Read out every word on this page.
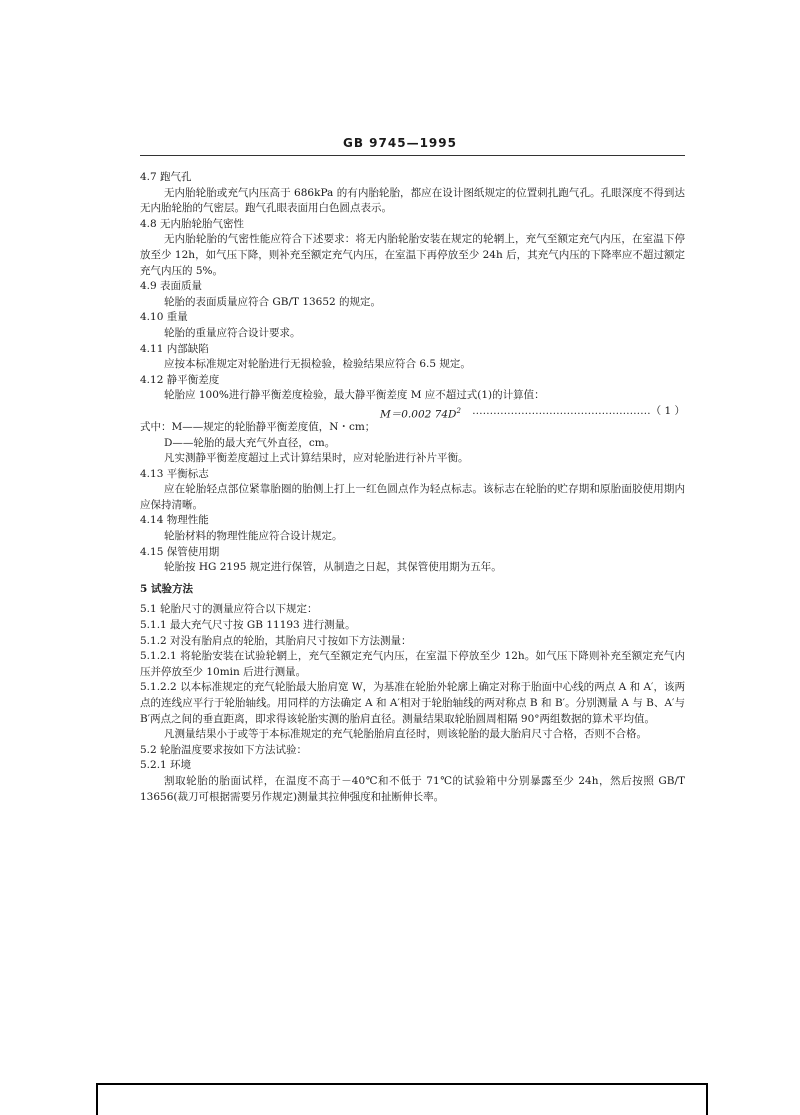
GB 9745—1995

4.7 跑气孔

无内胎轮胎或充气内压高于 686kPa 的有内胎轮胎，都应在设计图纸规定的位置刺扎跑气孔。孔眼深度不得到达无内胎轮胎的气密层。跑气孔眼表面用白色圆点表示。

4.8 无内胎轮胎气密性

无内胎轮胎的气密性能应符合下述要求：将无内胎轮胎安装在规定的轮辋上，充气至额定充气内压，在室温下停放至少 12h，如气压下降，则补充至额定充气内压，在室温下再停放至少 24h 后，其充气内压的下降率应不超过额定充气内压的 5%。

4.9 表面质量

轮胎的表面质量应符合 GB/T 13652 的规定。

4.10 重量

轮胎的重量应符合设计要求。

4.11 内部缺陷

应按本标准规定对轮胎进行无损检验，检验结果应符合 6.5 规定。

4.12 静平衡差度

轮胎应 100%进行静平衡差度检验，最大静平衡差度 M 应不超过式(1)的计算值：

M＝0.002 $74D^2$ ……………………………………………（ 1 ）

式中：M——规定的轮胎静平衡差度值，N・cm；

D——轮胎的最大充气外直径，cm。

凡实测静平衡差度超过上式计算结果时，应对轮胎进行补片平衡。

4.13 平衡标志

应在轮胎轻点部位紧靠胎圈的胎侧上打上一红色圆点作为轻点标志。该标志在轮胎的贮存期和原胎面胶使用期内应保持清晰。

4.14 物理性能

轮胎材料的物理性能应符合设计规定。

4.15 保管使用期

轮胎按 HG 2195 规定进行保管，从制造之日起，其保管使用期为五年。

5 试验方法

5.1 轮胎尺寸的测量应符合以下规定：

5.1.1 最大充气尺寸按 GB 11193 进行测量。

5.1.2 对没有胎肩点的轮胎，其胎肩尺寸按如下方法测量：

5.1.2.1 将轮胎安装在试验轮辋上，充气至额定充气内压，在室温下停放至少 12h。如气压下降则补充至额定充气内压并停放至少 10min 后进行测量。

5.1.2.2 以本标准规定的充气轮胎最大胎肩宽 W，为基准在轮胎外轮廓上确定对称于胎面中心线的两点 A 和 A′，该两点的连线应平行于轮胎轴线。用同样的方法确定 A 和 A′相对于轮胎轴线的两对称点 B 和 B′。分别测量 A 与 B、A′与 B′两点之间的垂直距离，即求得该轮胎实测的胎肩直径。测量结果取轮胎圆周相隔 90°两组数据的算术平均值。

凡测量结果小于或等于本标准规定的充气轮胎胎肩直径时，则该轮胎的最大胎肩尺寸合格，否则不合格。

5.2 轮胎温度要求按如下方法试验：

5.2.1 环境

割取轮胎的胎面试样，在温度不高于－40℃和不低于 71℃的试验箱中分别暴露至少 24h，然后按照 GB/T 13656(裁刀可根据需要另作规定)测量其拉伸强度和扯断伸长率。
